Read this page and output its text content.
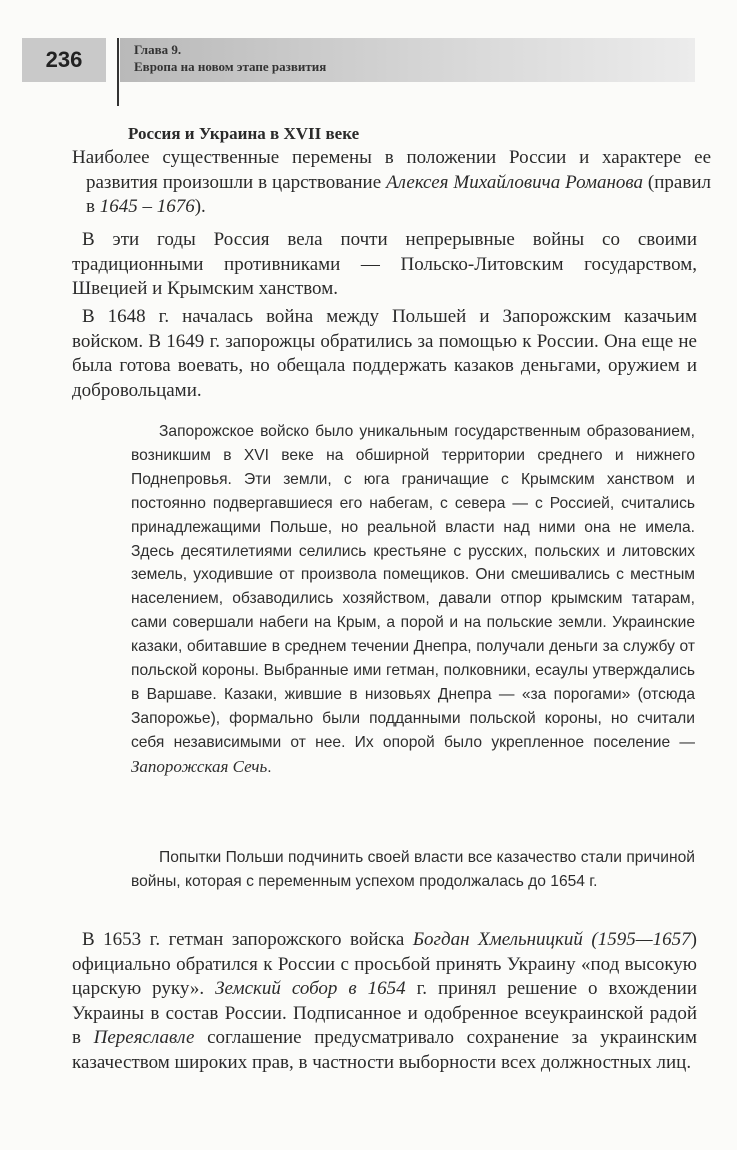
236	Глава 9.
Европа на новом этапе развития
Россия и Украина в XVII веке

Наиболее существенные перемены в положении России и характере ее развития произошли в царствование Алексея Михайловича Романова (правил в 1645 – 1676).

В эти годы Россия вела почти непрерывные войны со своими традиционными противниками — Польско-Литовским государством, Швецией и Крымским ханством.

В 1648 г. началась война между Польшей и Запорожским казачьим войском. В 1649 г. запорожцы обратились за помощью к России. Она еще не была готова воевать, но обещала поддержать казаков деньгами, оружием и добровольцами.

Запорожское войско было уникальным государственным образованием, возникшим в XVI веке на обширной территории среднего и нижнего Поднепровья. Эти земли, с юга граничащие с Крымским ханством и постоянно подвергавшиеся его набегам, с севера — с Россией, считались принадлежащими Польше, но реальной власти над ними она не имела. Здесь десятилетиями селились крестьяне с русских, польских и литовских земель, уходившие от произвола помещиков. Они смешивались с местным населением, обзаводились хозяйством, давали отпор крымским татарам, сами совершали набеги на Крым, а порой и на польские земли. Украинские казаки, обитавшие в среднем течении Днепра, получали деньги за службу от польской короны. Выбранные ими гетман, полковники, есаулы утверждались в Варшаве. Казаки, жившие в низовьях Днепра — «за порогами» (отсюда Запорожье), формально были подданными польской короны, но считали себя независимыми от нее. Их опорой было укрепленное поселение — Запорожская Сечь.

Попытки Польши подчинить своей власти все казачество стали причиной войны, которая с переменным успехом продолжалась до 1654 г.

В 1653 г. гетман запорожского войска Богдан Хмельницкий (1595—1657) официально обратился к России с просьбой принять Украину «под высокую царскую руку». Земский собор в 1654 г. принял решение о вхождении Украины в состав России. Подписанное и одобренное всеукраинской радой в Переяславле соглашение предусматривало сохранение за украинским казачеством широких прав, в частности выборности всех должностных лиц.
